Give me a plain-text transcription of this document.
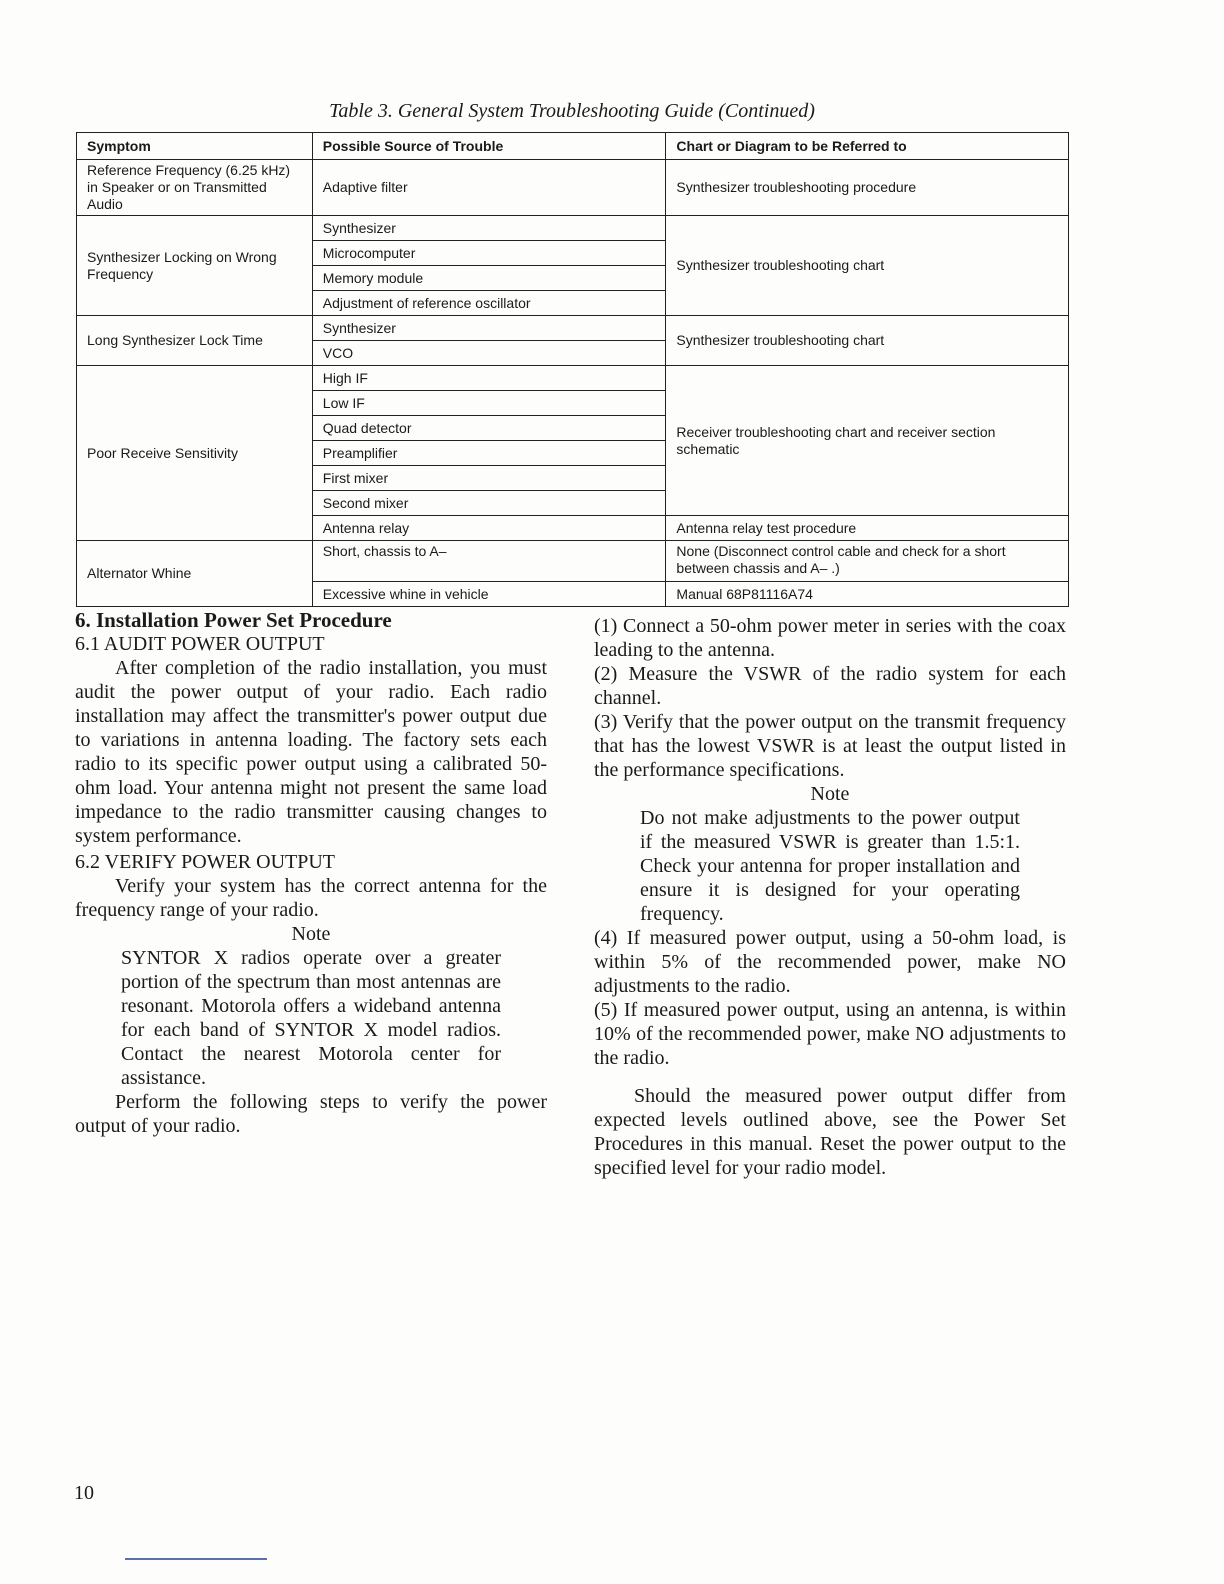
Table 3. General System Troubleshooting Guide (Continued)
Symptom	Possible Source of Trouble	Chart or Diagram to be Referred to
Reference Frequency (6.25 kHz) in Speaker or on Transmitted Audio	Adaptive filter	Synthesizer troubleshooting procedure
Synthesizer Locking on Wrong Frequency	Synthesizer	Synthesizer troubleshooting chart
	Microcomputer	
	Memory module	
	Adjustment of reference oscillator	
Long Synthesizer Lock Time	Synthesizer	Synthesizer troubleshooting chart
	VCO	
Poor Receive Sensitivity	High IF	Receiver troubleshooting chart and receiver section schematic
	Low IF	
	Quad detector	
	Preamplifier	
	First mixer	
	Second mixer	
	Antenna relay	Antenna relay test procedure
Alternator Whine	Short, chassis to A–	None (Disconnect control cable and check for a short between chassis and A– .)
	Excessive whine in vehicle	Manual 68P81116A74

6. Installation Power Set Procedure

6.1 AUDIT POWER OUTPUT

After completion of the radio installation, you must audit the power output of your radio. Each radio installation may affect the transmitter's power output due to variations in antenna loading. The factory sets each radio to its specific power output using a calibrated 50-ohm load. Your antenna might not present the same load impedance to the radio transmitter causing changes to system performance.

6.2 VERIFY POWER OUTPUT

Verify your system has the correct antenna for the frequency range of your radio.

Note

SYNTOR X radios operate over a greater portion of the spectrum than most antennas are resonant. Motorola offers a wideband antenna for each band of SYNTOR X model radios. Contact the nearest Motorola center for assistance.

Perform the following steps to verify the power output of your radio.

(1) Connect a 50-ohm power meter in series with the coax leading to the antenna.

(2) Measure the VSWR of the radio system for each channel.

(3) Verify that the power output on the transmit frequency that has the lowest VSWR is at least the output listed in the performance specifications.

Note

Do not make adjustments to the power output if the measured VSWR is greater than 1.5:1. Check your antenna for proper installation and ensure it is designed for your operating frequency.

(4) If measured power output, using a 50-ohm load, is within 5% of the recommended power, make NO adjustments to the radio.

(5) If measured power output, using an antenna, is within 10% of the recommended power, make NO adjustments to the radio.

Should the measured power output differ from expected levels outlined above, see the Power Set Procedures in this manual. Reset the power output to the specified level for your radio model.

10
